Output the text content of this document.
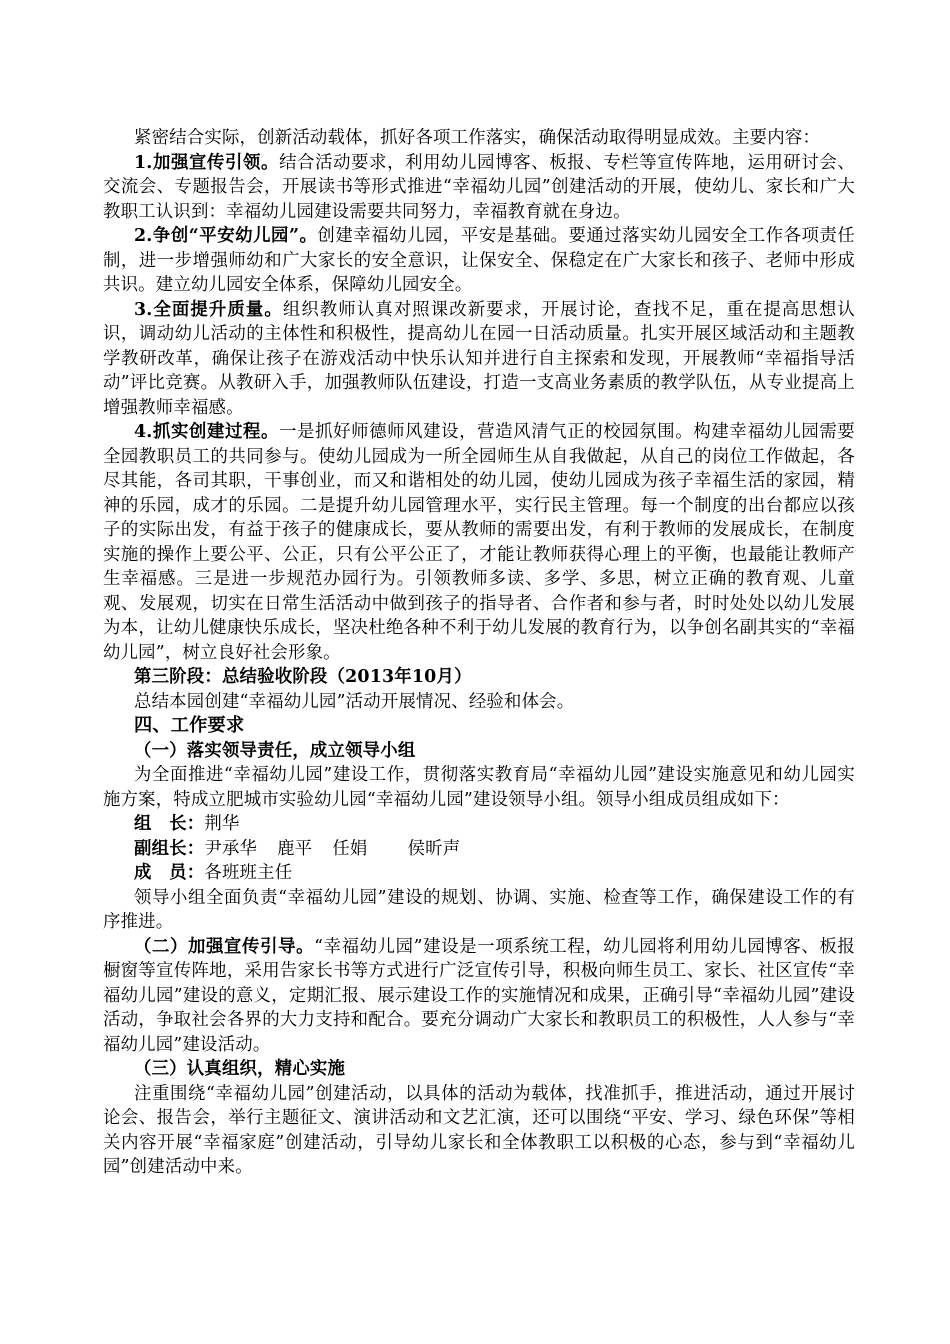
紧密结合实际，创新活动载体，抓好各项工作落实，确保活动取得明显成效。主要内容：

1.加强宣传引领。结合活动要求，利用幼儿园博客、板报、专栏等宣传阵地，运用研讨会、交流会、专题报告会，开展读书等形式推进“幸福幼儿园”创建活动的开展，使幼儿、家长和广大教职工认识到：幸福幼儿园建设需要共同努力，幸福教育就在身边。

2.争创“平安幼儿园”。创建幸福幼儿园，平安是基础。要通过落实幼儿园安全工作各项责任制，进一步增强师幼和广大家长的安全意识，让保安全、保稳定在广大家长和孩子、老师中形成共识。建立幼儿园安全体系，保障幼儿园安全。

3.全面提升质量。组织教师认真对照课改新要求，开展讨论，查找不足，重在提高思想认识，调动幼儿活动的主体性和积极性，提高幼儿在园一日活动质量。扎实开展区域活动和主题教学教研改革，确保让孩子在游戏活动中快乐认知并进行自主探索和发现，开展教师“幸福指导活动”评比竞赛。从教研入手，加强教师队伍建设，打造一支高业务素质的教学队伍，从专业提高上增强教师幸福感。

4.抓实创建过程。一是抓好师德师风建设，营造风清气正的校园氛围。构建幸福幼儿园需要全园教职员工的共同参与。使幼儿园成为一所全园师生从自我做起，从自己的岗位工作做起，各尽其能，各司其职，干事创业，而又和谐相处的幼儿园，使幼儿园成为孩子幸福生活的家园，精神的乐园，成才的乐园。二是提升幼儿园管理水平，实行民主管理。每一个制度的出台都应以孩子的实际出发，有益于孩子的健康成长，要从教师的需要出发，有利于教师的发展成长，在制度实施的操作上要公平、公正，只有公平公正了，才能让教师获得心理上的平衡，也最能让教师产生幸福感。三是进一步规范办园行为。引领教师多读、多学、多思，树立正确的教育观、儿童观、发展观，切实在日常生活活动中做到孩子的指导者、合作者和参与者，时时处处以幼儿发展为本，让幼儿健康快乐成长，坚决杜绝各种不利于幼儿发展的教育行为，以争创名副其实的“幸福幼儿园”，树立良好社会形象。

第三阶段：总结验收阶段（2013年10月）

总结本园创建“幸福幼儿园”活动开展情况、经验和体会。

四、工作要求

（一）落实领导责任，成立领导小组

为全面推进“幸福幼儿园”建设工作，贯彻落实教育局“幸福幼儿园”建设实施意见和幼儿园实施方案，特成立肥城市实验幼儿园“幸福幼儿园”建设领导小组。领导小组成员组成如下：

组　长：荆华

副组长：尹承华 鹿平 任娟 侯昕声

成　员：各班班主任

领导小组全面负责“幸福幼儿园”建设的规划、协调、实施、检查等工作，确保建设工作的有序推进。

（二）加强宣传引导。“幸福幼儿园”建设是一项系统工程，幼儿园将利用幼儿园博客、板报橱窗等宣传阵地，采用告家长书等方式进行广泛宣传引导，积极向师生员工、家长、社区宣传“幸福幼儿园”建设的意义，定期汇报、展示建设工作的实施情况和成果，正确引导“幸福幼儿园”建设活动，争取社会各界的大力支持和配合。要充分调动广大家长和教职员工的积极性，人人参与“幸福幼儿园”建设活动。

（三）认真组织，精心实施

注重围绕“幸福幼儿园”创建活动，以具体的活动为载体，找准抓手，推进活动，通过开展讨论会、报告会，举行主题征文、演讲活动和文艺汇演，还可以围绕“平安、学习、绿色环保”等相关内容开展“幸福家庭”创建活动，引导幼儿家长和全体教职工以积极的心态，参与到“幸福幼儿园”创建活动中来。
